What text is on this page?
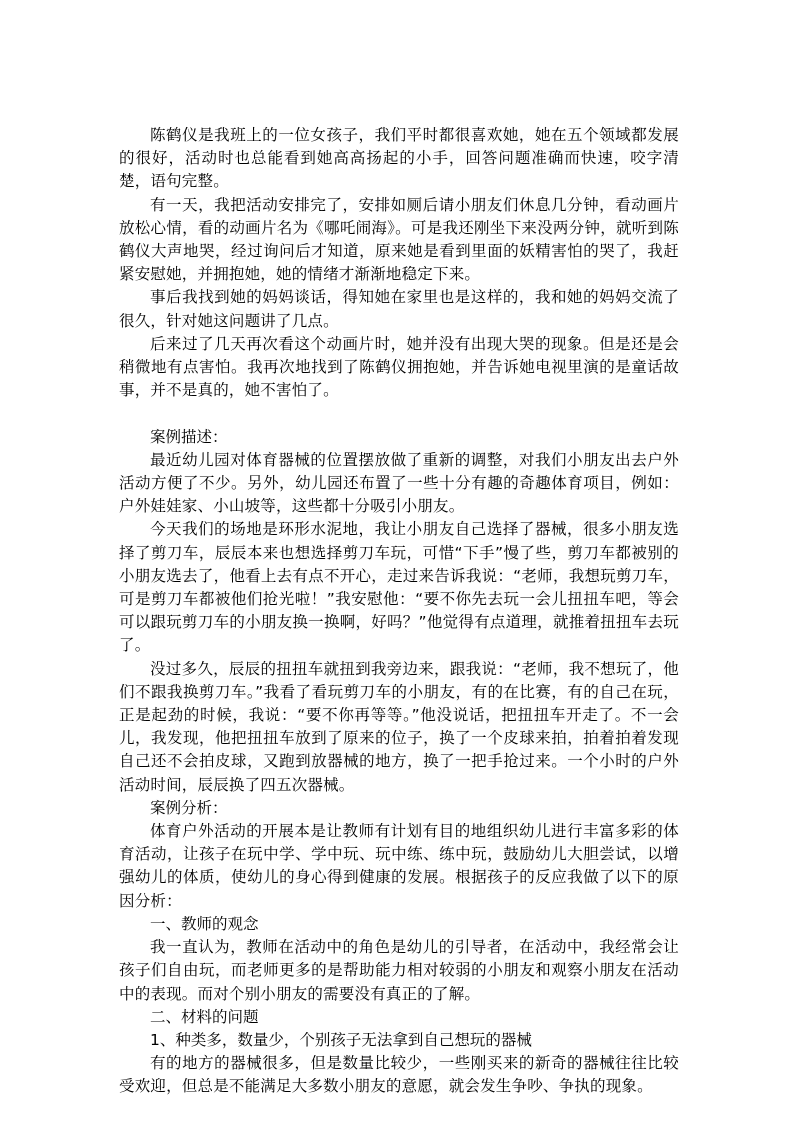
陈鹤仪是我班上的一位女孩子，我们平时都很喜欢她，她在五个领域都发展的很好，活动时也总能看到她高高扬起的小手，回答问题准确而快速，咬字清楚，语句完整。

有一天，我把活动安排完了，安排如厕后请小朋友们休息几分钟，看动画片放松心情，看的动画片名为《哪吒闹海》。可是我还刚坐下来没两分钟，就听到陈鹤仪大声地哭，经过询问后才知道，原来她是看到里面的妖精害怕的哭了，我赶紧安慰她，并拥抱她，她的情绪才渐渐地稳定下来。

事后我找到她的妈妈谈话，得知她在家里也是这样的，我和她的妈妈交流了很久，针对她这问题讲了几点。

后来过了几天再次看这个动画片时，她并没有出现大哭的现象。但是还是会稍微地有点害怕。我再次地找到了陈鹤仪拥抱她，并告诉她电视里演的是童话故事，并不是真的，她不害怕了。

案例描述：

最近幼儿园对体育器械的位置摆放做了重新的调整，对我们小朋友出去户外活动方便了不少。另外，幼儿园还布置了一些十分有趣的奇趣体育项目，例如：户外娃娃家、小山坡等，这些都十分吸引小朋友。

今天我们的场地是环形水泥地，我让小朋友自己选择了器械，很多小朋友选择了剪刀车，辰辰本来也想选择剪刀车玩，可惜“下手”慢了些，剪刀车都被别的小朋友选去了，他看上去有点不开心，走过来告诉我说：“老师，我想玩剪刀车，可是剪刀车都被他们抢光啦！”我安慰他：“要不你先去玩一会儿扭扭车吧，等会可以跟玩剪刀车的小朋友换一换啊，好吗？”他觉得有点道理，就推着扭扭车去玩了。

没过多久，辰辰的扭扭车就扭到我旁边来，跟我说：“老师，我不想玩了，他们不跟我换剪刀车。”我看了看玩剪刀车的小朋友，有的在比赛，有的自己在玩，正是起劲的时候，我说：“要不你再等等。”他没说话，把扭扭车开走了。不一会儿，我发现，他把扭扭车放到了原来的位子，换了一个皮球来拍，拍着拍着发现自己还不会拍皮球，又跑到放器械的地方，换了一把手抢过来。一个小时的户外活动时间，辰辰换了四五次器械。

案例分析：

体育户外活动的开展本是让教师有计划有目的地组织幼儿进行丰富多彩的体育活动，让孩子在玩中学、学中玩、玩中练、练中玩，鼓励幼儿大胆尝试，以增强幼儿的体质，使幼儿的身心得到健康的发展。根据孩子的反应我做了以下的原因分析：

一、教师的观念

我一直认为，教师在活动中的角色是幼儿的引导者，在活动中，我经常会让孩子们自由玩，而老师更多的是帮助能力相对较弱的小朋友和观察小朋友在活动中的表现。而对个别小朋友的需要没有真正的了解。

二、材料的问题

1、种类多，数量少，个别孩子无法拿到自己想玩的器械

有的地方的器械很多，但是数量比较少，一些刚买来的新奇的器械往往比较受欢迎，但总是不能满足大多数小朋友的意愿，就会发生争吵、争执的现象。
